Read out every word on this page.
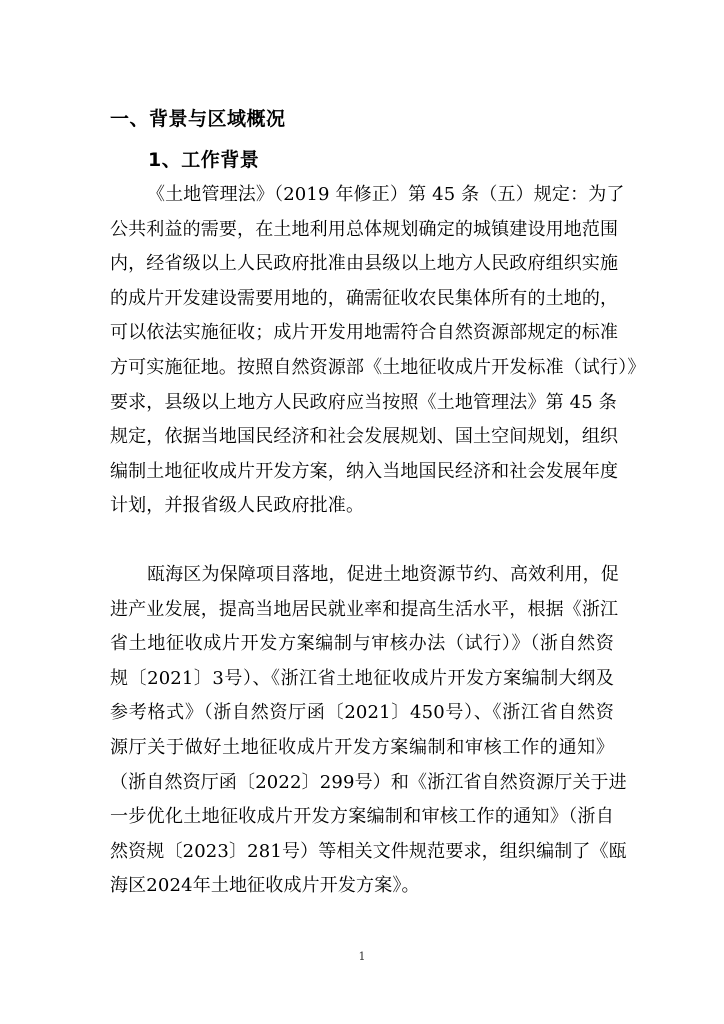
一、背景与区域概况
1、工作背景
《土地管理法》（2019 年修正）第 45 条（五）规定：为了
公共利益的需要，在土地利用总体规划确定的城镇建设用地范围
内，经省级以上人民政府批准由县级以上地方人民政府组织实施
的成片开发建设需要用地的，确需征收农民集体所有的土地的，
可以依法实施征收；成片开发用地需符合自然资源部规定的标准
方可实施征地。按照自然资源部《土地征收成片开发标准（试行）》
要求，县级以上地方人民政府应当按照《土地管理法》第 45 条
规定，依据当地国民经济和社会发展规划、国土空间规划，组织
编制土地征收成片开发方案，纳入当地国民经济和社会发展年度
计划，并报省级人民政府批准。
瓯海区为保障项目落地，促进土地资源节约、高效利用，促
进产业发展，提高当地居民就业率和提高生活水平，根据《浙江
省土地征收成片开发方案编制与审核办法（试行）》（浙自然资
规〔2021〕3号）、《浙江省土地征收成片开发方案编制大纲及
参考格式》（浙自然资厅函〔2021〕450号）、《浙江省自然资
源厅关于做好土地征收成片开发方案编制和审核工作的通知》
（浙自然资厅函〔2022〕299号）和《浙江省自然资源厅关于进
一步优化土地征收成片开发方案编制和审核工作的通知》（浙自
然资规〔2023〕281号）等相关文件规范要求，组织编制了《瓯
海区2024年土地征收成片开发方案》。
1
